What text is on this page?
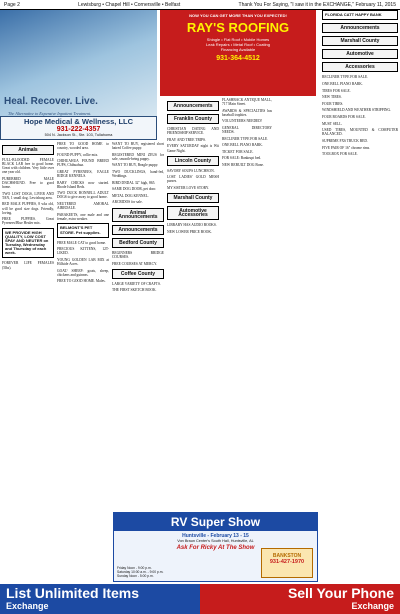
Page 2	Lewisburg • Chapel Hill • Cornersville • Belfast	Thank You For Saying, "I saw it in the EXCHANGE," February 11, 2015
Heal. Recover. Live.
The Alternative to Expensive Inpatient Treatment.
Hope Medical & Wellness, LLC
931-222-4357
504 N. Jackson St., Ste. 103, Tullahoma
NOW YOU CAN GET MORE THAN YOU EXPECTED!
RAY'S ROOFING
Shingle • Flat Roof • Mobile Homes
Leak Repairs • Metal Roof • Coating
Financing Available
931-364-4512
Animals

FULL-BLOODED FEMALE BLACK LAB free to good home. Great with children. Very little over one year old.

PUREBRED MALE DACHSHUND. Free to good home.

TWO LOST DOGS, LIVER AND TAN, 1 small dog. Lewisburg area.

RED MALE PUPPIES, 8 wks old, will be good size dogs. Friendly, loving.

FREE PUPPIES. Great Pyrenees/Blue Healer mix.

WE PROVIDE HIGH QUALITY, LOW COST SPAY AND NEUTER on Tuesday, Wednesday and Thursday of each week.

FOREVER LIFE FEMALES (5lbs).

FREE TO GOOD HOME to country, wooded area.

FOUND PUPPY, collie mix.

CHIHUAHUA POUND BREED PUPS, Chihuahua.

GREAT PYRENEES, EAGLE RIDGE KENNELS.

BABY CHICKS now started. Rhode Island Reds.

TWO DUCK BONNELL ADULT DOGS to give away to good home.

NEUTERED AMORAL AIREDALE.

PARAKEETS, one male and one female, extra weaker.

BELMONT'S PET STORE. Pet supplies.

FREE MALE CAT to good home.

PRECIOUS KITTENS, 12T-LIKED.

YOUNG GOLDEN LAB MIX at Hillside Acres.

GOAT/ SHEEP: goats, sheep, chickens and guineas.

FREE TO GOOD HOME. Males.

WANT TO BUY, registered short haired Coffee puppy.

REGISTERED MINI ZEUS for sale, smooth-being puppy.

WANT TO BUY, Beagle puppy.

TWO DUCKLINGS, hand-fed, Weddings.

BIRD DNDAL 32" high, 865.

SAME DOG DOOR, pet door.

METAL DOG KENNEL.

ARCRIDOS for sale.

Animal Announcements
Announcements
Bedford County

BEGINNERS BRIDGE COURSES.

FREE COURSES AT MERCY.

Coffee County

LARGE VARIETY OF CRAFTS.

THE FIRST SKETCH BOOK.

Announcements
Franklin County

CHRISTIAN DATING AND FRIENDSHIP SERVICE.

FRAY AND TREE TRIPS.

EVERY SATURDAY night is Wii Game Night.

Lincoln County

SAVORY SOUPS LUNCHEON.

LOST LADIES' GOLD MESH purses.

MY SISTER LOVE STORY.

Marshall County
Automotive Accessories

LIBRARY HAS AUDIO BOOKS.

NEW LOWER PRICE BOOK.

FLASHBACK ANTIQUE MALL, 717 Main Street.

AWARDS & SPECIALTIES has baseball trophies.

VOLUNTEERS NEEDED!

GENERAL DIRECTORY NEEDS.

RECLINER TYPE FOR SALE.

ONE BELL PIANO BARK.

TICKET FOR SALE.

FOR SALE: Bankrupt bed.

NEW REBUILT DOG Bone.

FLORIDA CATT HAPPY BANK
Announcements
Marshall County
Automotive
Accessories

RECLINER TYPE FOR SALE.

ONE BELL PIANO BARK.

TIRES FOR SALE.

NEW TIRES.

FOUR TIRES.

WINDSHIELD AND WEATHER STRIPPING.

FOUR BOARDS FOR SALE.

MUST SELL.

USED TIRES, MOUNTED & COMPUTER BALANCED.

SUPREME FX6 TRUCK BED.

FIVE PAIR OF 16" chrome rims.

TOOLBOX FOR SALE.

RV Super Show
Huntsville - February 13 - 15
Von Braun Center's South Hall, Huntsville, AL
Ask For Ricky At The Show
Friday Noon - 9:00 p.m.
Saturday 10:00 a.m. - 9:00 p.m.
Sunday Noon - 5:00 p.m.
BANKSTON
931-427-1970
List Unlimited Items
Exchange
Sell Your Phone
Exchange
